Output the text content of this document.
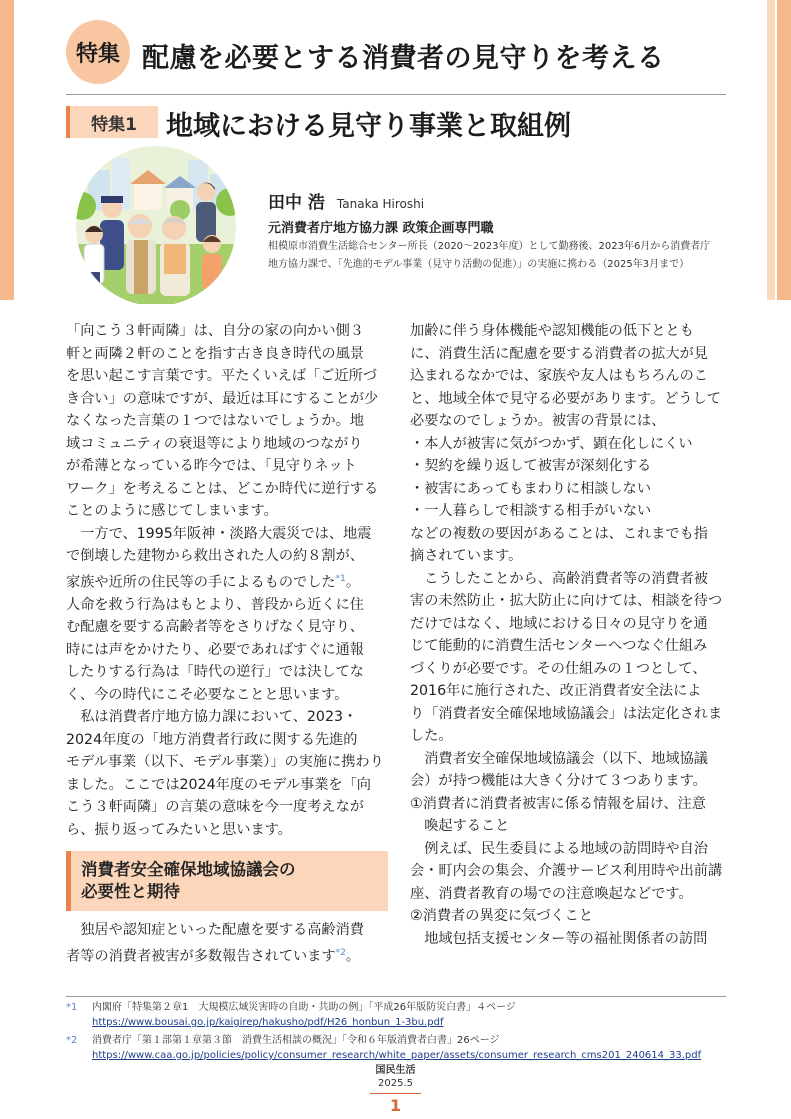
特集 配慮を必要とする消費者の見守りを考える
特集1	地域における見守り事業と取組例
田中 浩 Tanaka Hiroshi
元消費者庁地方協力課 政策企画専門職
相模原市消費生活総合センター所長（2020〜2023年度）として勤務後、2023年6月から消費者庁
地方協力課で、「先進的モデル事業（見守り活動の促進）」の実施に携わる（2025年3月まで）
「向こう３軒両隣」は、自分の家の向かい側３
軒と両隣２軒のことを指す古き良き時代の風景
を思い起こす言葉です。平たくいえば「ご近所づ
き合い」の意味ですが、最近は耳にすることが少
なくなった言葉の１つではないでしょうか。地
域コミュニティの衰退等により地域のつながり
が希薄となっている昨今では、「見守りネット
ワーク」を考えることは、どこか時代に逆行する
ことのように感じてしまいます。
　一方で、1995年阪神・淡路大震災では、地震
で倒壊した建物から救出された人の約８割が、
家族や近所の住民等の手によるものでした$^{*1}$。
人命を救う行為はもとより、普段から近くに住
む配慮を要する高齢者等をさりげなく見守り、
時には声をかけたり、必要であればすぐに通報
したりする行為は「時代の逆行」では決してな
く、今の時代にこそ必要なことと思います。
　私は消費者庁地方協力課において、2023・
2024年度の「地方消費者行政に関する先進的
モデル事業（以下、モデル事業）」の実施に携わり
ました。ここでは2024年度のモデル事業を「向
こう３軒両隣」の言葉の意味を今一度考えなが
ら、振り返ってみたいと思います。
消費者安全確保地域協議会の
必要性と期待
　独居や認知症といった配慮を要する高齢消費
者等の消費者被害が多数報告されています$^{*2}$。
加齢に伴う身体機能や認知機能の低下ととも
に、消費生活に配慮を要する消費者の拡大が見
込まれるなかでは、家族や友人はもちろんのこ
と、地域全体で見守る必要があります。どうして
必要なのでしょうか。被害の背景には、
・本人が被害に気がつかず、顕在化しにくい
・契約を繰り返して被害が深刻化する
・被害にあってもまわりに相談しない
・一人暮らしで相談する相手がいない
などの複数の要因があることは、これまでも指
摘されています。
　こうしたことから、高齢消費者等の消費者被
害の未然防止・拡大防止に向けては、相談を待つ
だけではなく、地域における日々の見守りを通
じて能動的に消費生活センターへつなぐ仕組み
づくりが必要です。その仕組みの１つとして、
2016年に施行された、改正消費者安全法によ
り「消費者安全確保地域協議会」は法定化されま
した。
　消費者安全確保地域協議会（以下、地域協議
会）が持つ機能は大きく分けて３つあります。
①消費者に消費者被害に係る情報を届け、注意
　喚起すること
　例えば、民生委員による地域の訪問時や自治
会・町内会の集会、介護サービス利用時や出前講
座、消費者教育の場での注意喚起などです。
②消費者の異変に気づくこと
　地域包括支援センター等の福祉関係者の訪問
*1	内閣府「特集第２章1　大規模広域災害時の自助・共助の例」「平成26年版防災白書」４ページ
https://www.bousai.go.jp/kaigirep/hakusho/pdf/H26_honbun_1-3bu.pdf
*2	消費者庁「第１部第１章第３節　消費生活相談の概況」「令和６年版消費者白書」26ページ
https://www.caa.go.jp/policies/policy/consumer_research/white_paper/assets/consumer_research_cms201_240614_33.pdf
国民生活
2025.5
1
